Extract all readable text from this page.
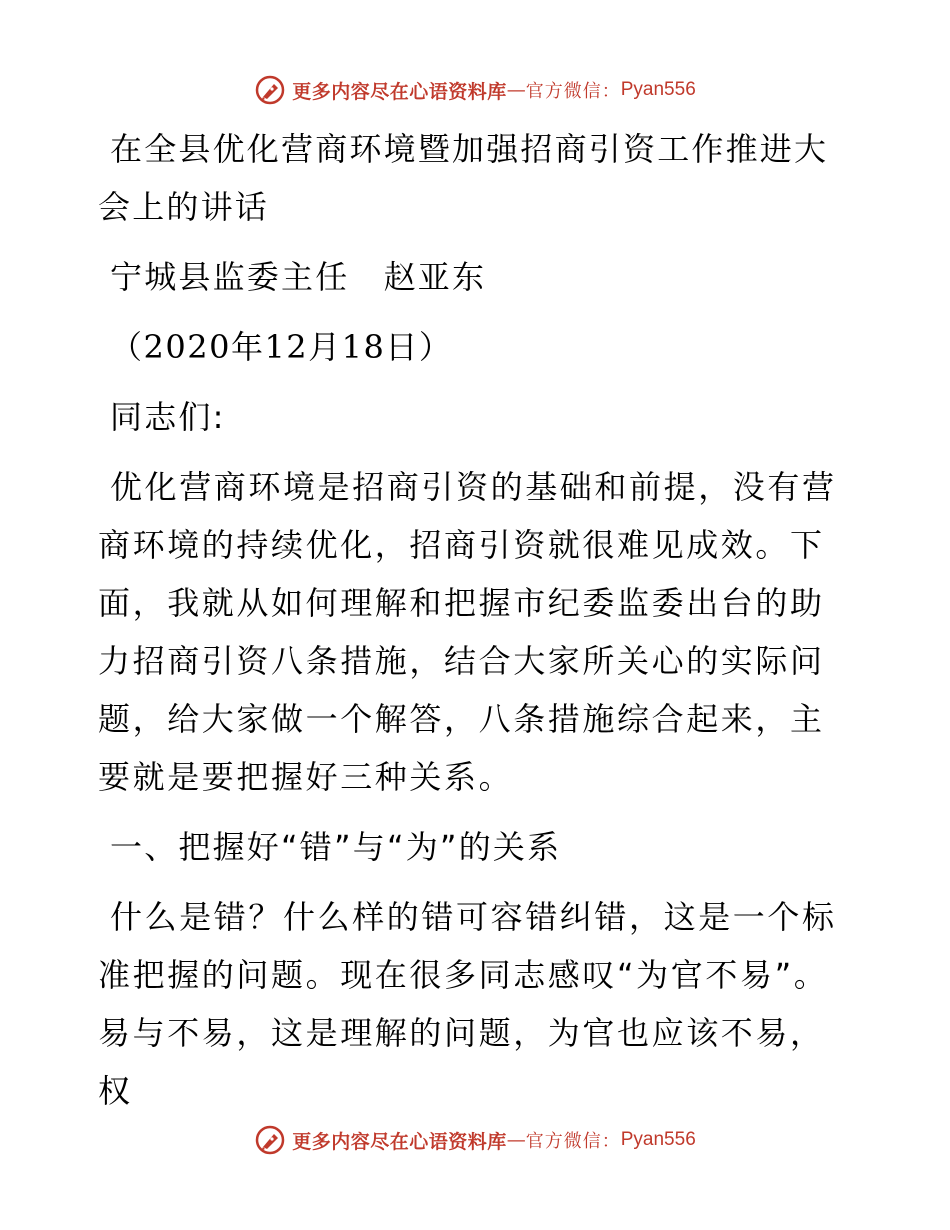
更多内容尽在心语资料库 — 官方微信： Pyan556

在全县优化营商环境暨加强招商引资工作推进大会上的讲话

宁城县监委主任　赵亚东

（2020年12月18日）

同志们:

优化营商环境是招商引资的基础和前提，没有营商环境的持续优化，招商引资就很难见成效。下面，我就从如何理解和把握市纪委监委出台的助力招商引资八条措施，结合大家所关心的实际问题，给大家做一个解答，八条措施综合起来，主要就是要把握好三种关系。

一、把握好“错”与“为”的关系

什么是错？什么样的错可容错纠错，这是一个标准把握的问题。现在很多同志感叹“为官不易”。易与不易，这是理解的问题，为官也应该不易，权

更多内容尽在心语资料库 — 官方微信： Pyan556
